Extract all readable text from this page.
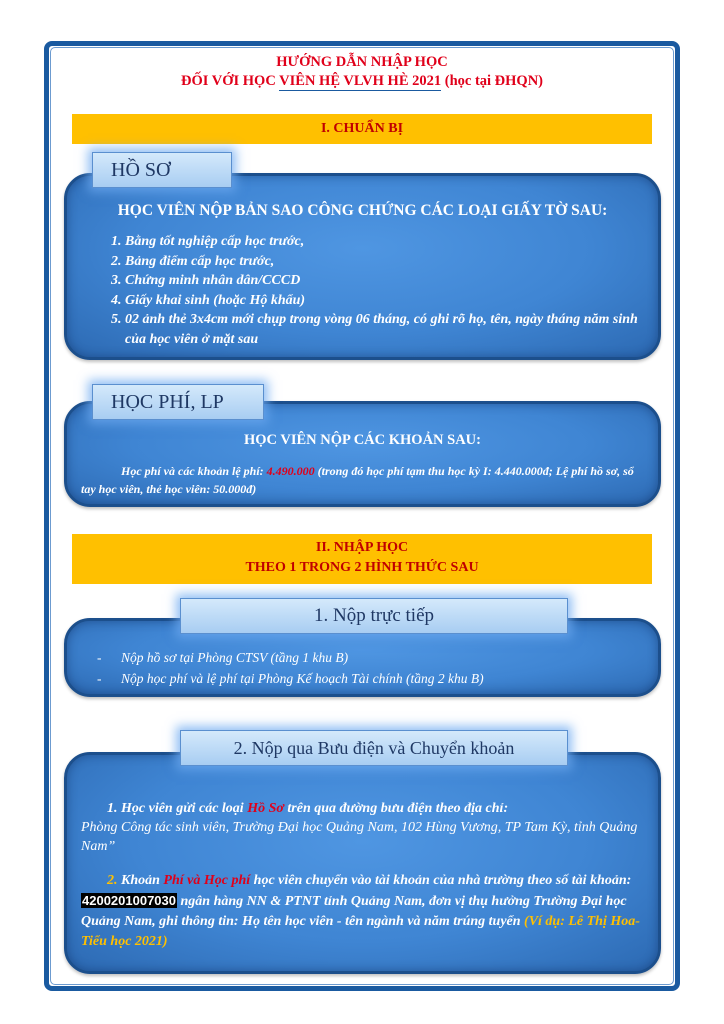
HƯỚNG DẪN NHẬP HỌC
ĐỐI VỚI HỌC VIÊN HỆ VLVH HÈ 2021 (học tại ĐHQN)
I. CHUẨN BỊ
HỌC VIÊN NỘP BẢN SAO CÔNG CHỨNG CÁC LOẠI GIẤY TỜ SAU:
1. Bằng tốt nghiệp cấp học trước,
2. Bảng điểm cấp học trước,
3. Chứng minh nhân dân/CCCD
4. Giấy khai sinh (hoặc Hộ khẩu)
5. 02 ảnh thẻ 3x4cm mới chụp trong vòng 06 tháng, có ghi rõ họ, tên, ngày tháng năm sinh của học viên ở mặt sau
HỒ SƠ
HỌC VIÊN NỘP CÁC KHOẢN SAU:
Học phí và các khoản lệ phí: 4.490.000 (trong đó học phí tạm thu học kỳ I: 4.440.000đ; Lệ phí hồ sơ, sổ tay học viên, thẻ học viên: 50.000đ)
HỌC PHÍ, LP
II. NHẬP HỌC
THEO 1 TRONG 2 HÌNH THỨC SAU
- Nộp hồ sơ tại Phòng CTSV (tầng 1 khu B)
- Nộp học phí và lệ phí tại Phòng Kế hoạch Tài chính (tầng 2 khu B)
1. Nộp trực tiếp
1. Học viên gửi các loại Hồ Sơ trên qua đường bưu điện theo địa chỉ:
Phòng Công tác sinh viên, Trường Đại học Quảng Nam, 102 Hùng Vương, TP Tam Kỳ, tỉnh Quảng Nam”
2. Khoản Phí và Học phí học viên chuyển vào tài khoản của nhà trường theo số tài khoản: 4200201007030 ngân hàng NN & PTNT tỉnh Quảng Nam, đơn vị thụ hưởng Trường Đại học Quảng Nam, ghi thông tin: Họ tên học viên - tên ngành và năm trúng tuyển (Ví dụ: Lê Thị Hoa- Tiểu học 2021)
2. Nộp qua Bưu điện và Chuyển khoản
